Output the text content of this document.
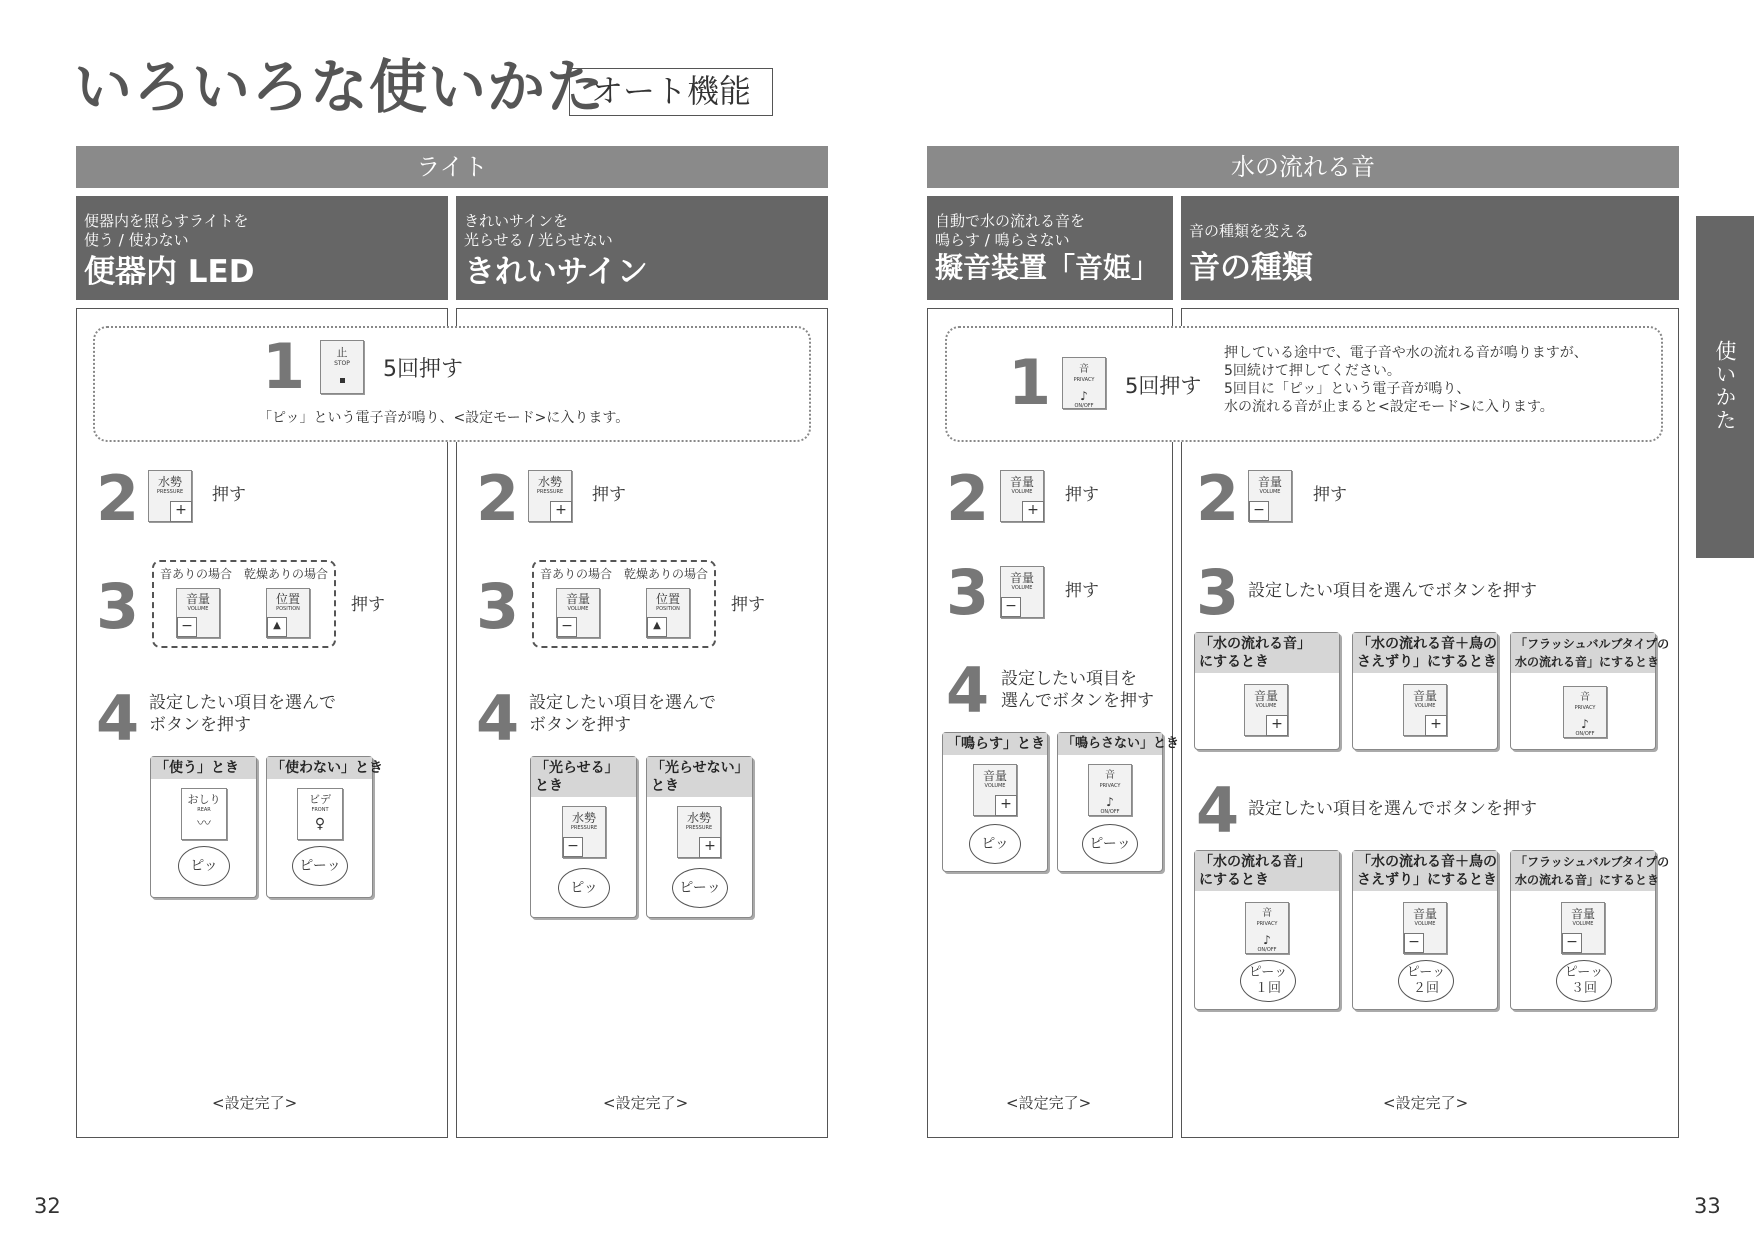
いろいろな使いかた
オート機能
ライト	水の流れる音
便器内を照らすライトを
使う / 使わない
便器内 LED
きれいサインを
光らせる / 光らせない
きれいサイン
自動で水の流れる音を
鳴らす / 鳴らさない
擬音装置「音姫」
音の種類を変える
音の種類
1	止
STOP	5回押す
「ピッ」という電子音が鳴り、<設定モード>に入ります。	1	音
PRIVACY
♪
ON/OFF
5回押す
押している途中で、電子音や水の流れる音が鳴りますが、
5回続けて押してください。
5回目に「ピッ」という電子音が鳴り、
水の流れる音が止まると<設定モード>に入ります。
2	水勢
PRESSURE
+
押す
3 音ありの場合 乾燥ありの場合
音量
VOLUME
−
位置
POSITION
▲
押す
4 設定したい項目を選んで
ボタンを押す
「使う」とき
おしり
REAR
〰
ピッ
「使わない」とき
ビデ
FRONT
♀
ピーッ
<設定完了>
2	水勢
PRESSURE
+
押す
3 音ありの場合 乾燥ありの場合
音量
VOLUME
−
位置
POSITION
▲
押す
4 設定したい項目を選んで
ボタンを押す
「光らせる」
とき
水勢
PRESSURE
−
ピッ
「光らせない」
とき
水勢
PRESSURE
+
ピーッ
<設定完了>
2	音量
VOLUME
+
押す
3	音量
VOLUME
−
押す
4 設定したい項目を
選んでボタンを押す
「鳴らす」とき
音量
VOLUME
+
ピッ
「鳴らさない」とき
音
PRIVACY
♪
ON/OFF
ピーッ
<設定完了>
2	音量
VOLUME
−
押す
3 設定したい項目を選んでボタンを押す
「水の流れる音」
にするとき
音量
VOLUME
+
「水の流れる音＋鳥の
さえずり」にするとき
音量
VOLUME
+
「フラッシュバルブタイプの
水の流れる音」にするとき
音
PRIVACY
♪
ON/OFF
4 設定したい項目を選んでボタンを押す
「水の流れる音」
にするとき
音
PRIVACY
♪
ON/OFF
ピーッ
１回
「水の流れる音＋鳥の
さえずり」にするとき
音量
VOLUME
−
ピーッ
２回
「フラッシュバルブタイプの
水の流れる音」にするとき
音量
VOLUME
−
ピーッ
３回
<設定完了>
使いかた
32	33
